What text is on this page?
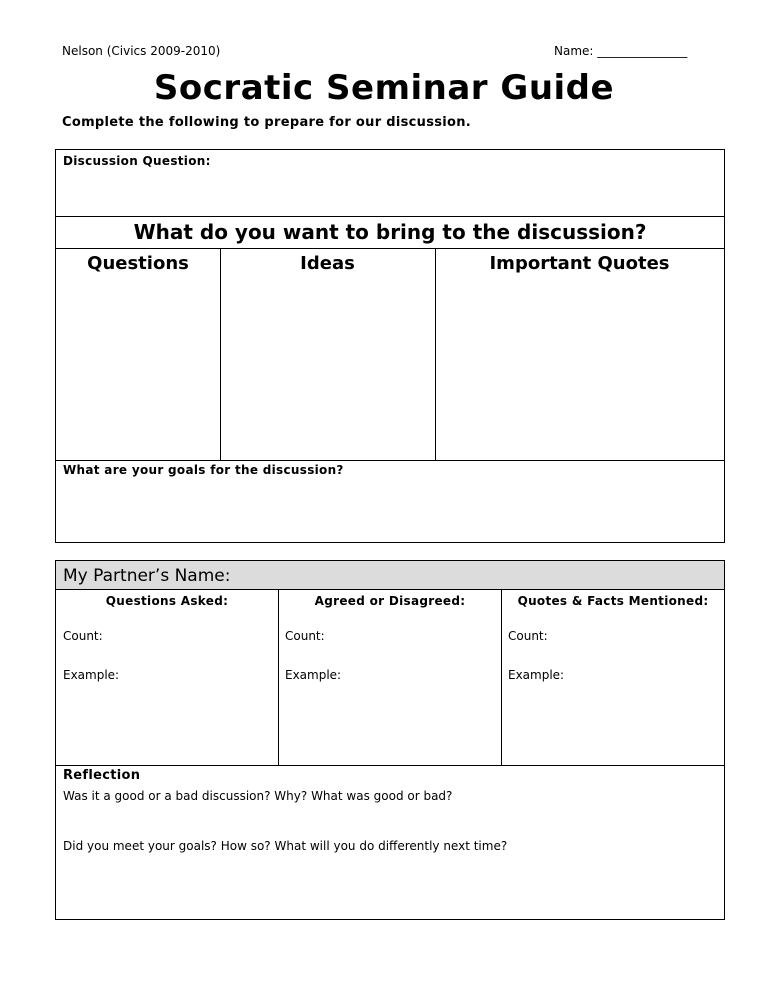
Nelson (Civics 2009-2010)	Name: _______________
Socratic Seminar Guide
Complete the following to prepare for our discussion.
Discussion Question:
What do you want to bring to the discussion?
Questions	Ideas	Important Quotes
What are your goals for the discussion?
My Partner’s Name:
Questions Asked:
Count:
Example:
Agreed or Disagreed:
Count:
Example:
Quotes & Facts Mentioned:
Count:
Example:
Reflection
Was it a good or a bad discussion? Why? What was good or bad?
Did you meet your goals? How so? What will you do differently next time?
